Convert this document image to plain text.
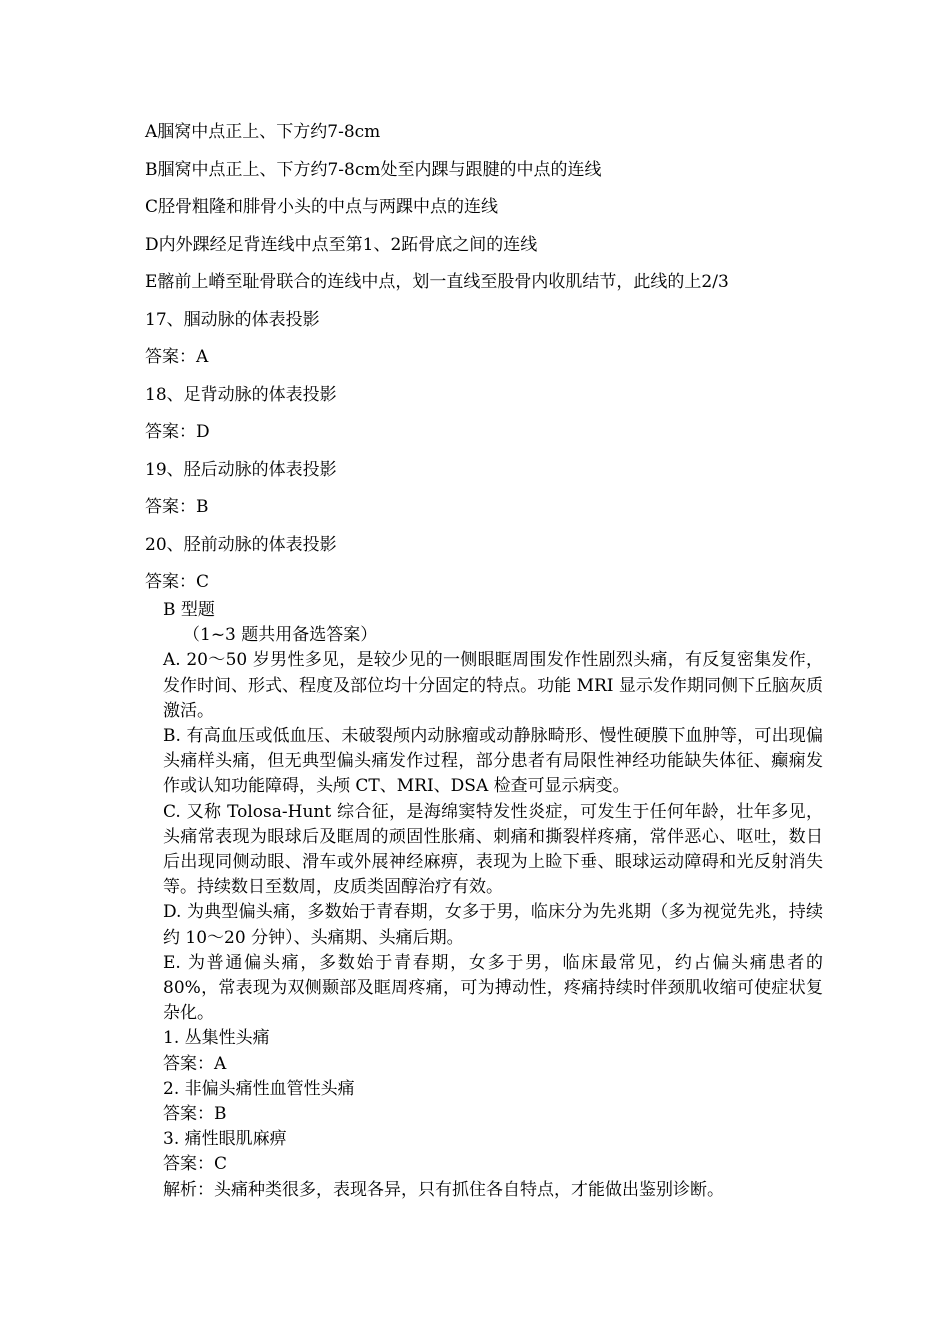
A腘窝中点正上、下方约7-8cm
B腘窝中点正上、下方约7-8cm处至内踝与跟腱的中点的连线
C胫骨粗隆和腓骨小头的中点与两踝中点的连线
D内外踝经足背连线中点至第1、2跖骨底之间的连线
E髂前上嵴至耻骨联合的连线中点，划一直线至股骨内收肌结节，此线的上2/3
17、腘动脉的体表投影
答案：A
18、足背动脉的体表投影
答案：D
19、胫后动脉的体表投影
答案：B
20、胫前动脉的体表投影
答案：C
B 型题
（1~3 题共用备选答案）
A. 20～50 岁男性多见，是较少见的一侧眼眶周围发作性剧烈头痛，有反复密集发作，发作时间、形式、程度及部位均十分固定的特点。功能 MRI 显示发作期同侧下丘脑灰质激活。
B. 有高血压或低血压、未破裂颅内动脉瘤或动静脉畸形、慢性硬膜下血肿等，可出现偏头痛样头痛，但无典型偏头痛发作过程，部分患者有局限性神经功能缺失体征、癫痫发作或认知功能障碍，头颅 CT、MRI、DSA 检查可显示病变。
C. 又称 Tolosa-Hunt 综合征，是海绵窦特发性炎症，可发生于任何年龄，壮年多见，头痛常表现为眼球后及眶周的顽固性胀痛、刺痛和撕裂样疼痛，常伴恶心、呕吐，数日后出现同侧动眼、滑车或外展神经麻痹，表现为上睑下垂、眼球运动障碍和光反射消失等。持续数日至数周，皮质类固醇治疗有效。
D. 为典型偏头痛，多数始于青春期，女多于男，临床分为先兆期（多为视觉先兆，持续约 10～20 分钟）、头痛期、头痛后期。
E. 为普通偏头痛，多数始于青春期，女多于男，临床最常见，约占偏头痛患者的 80%，常表现为双侧颞部及眶周疼痛，可为搏动性，疼痛持续时伴颈肌收缩可使症状复杂化。
1. 丛集性头痛
答案：A
2. 非偏头痛性血管性头痛
答案：B
3. 痛性眼肌麻痹
答案：C
解析：头痛种类很多，表现各异，只有抓住各自特点，才能做出鉴别诊断。
